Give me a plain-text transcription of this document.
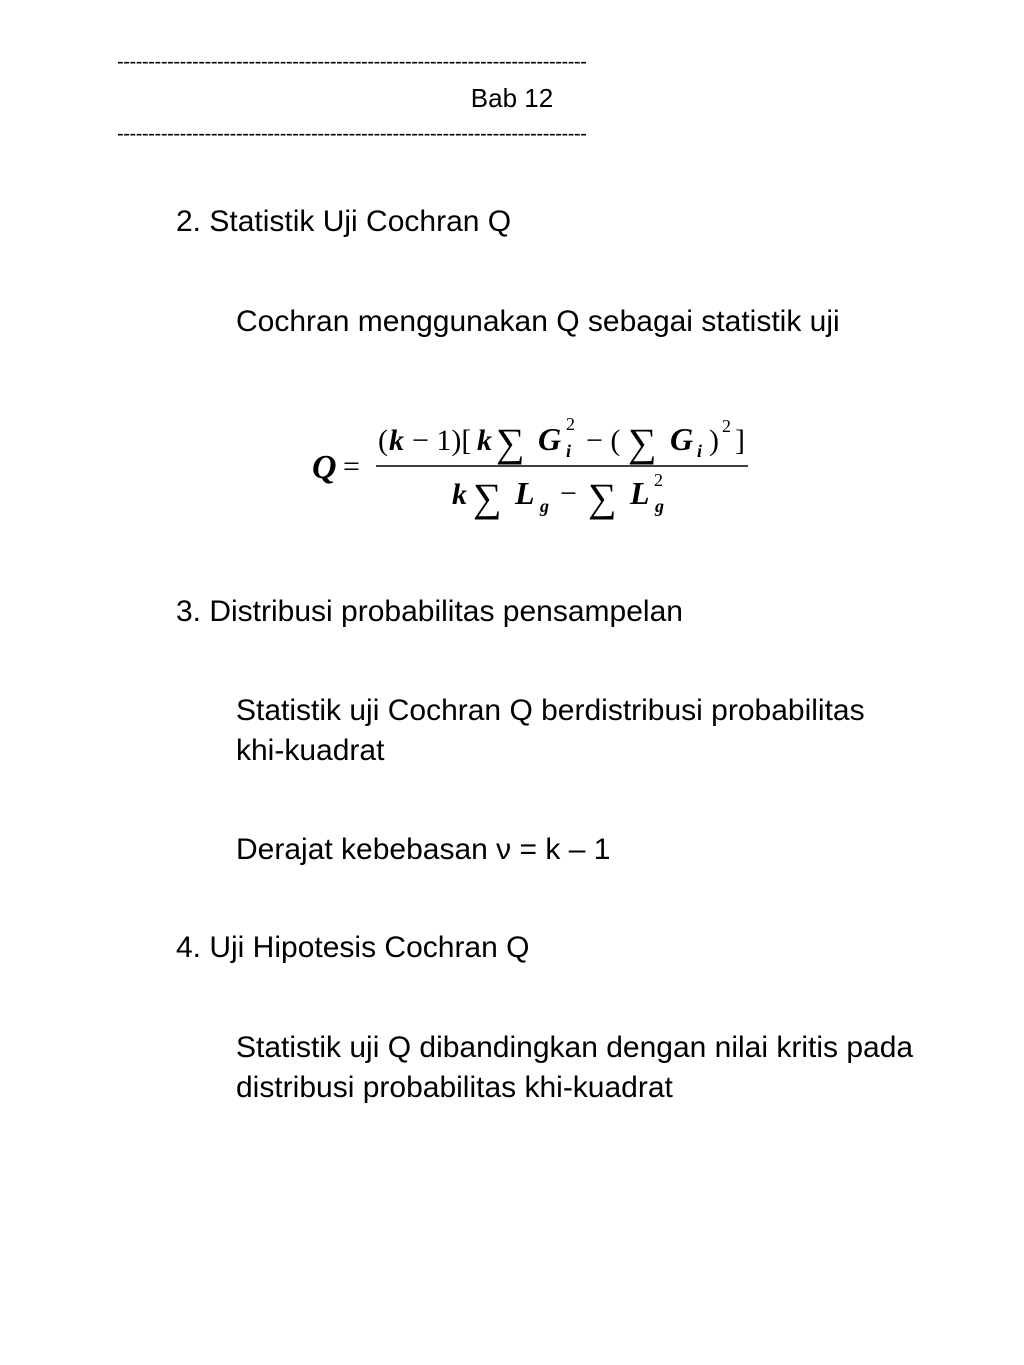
---------------------------------------------------------------------------
Bab 12
---------------------------------------------------------------------------
2. Statistik Uji Cochran Q
Cochran menggunakan Q sebagai statistik uji
Q =
( k − 1)[ k ∑ G 2
i − ( ∑ G i ) 2 ]
k ∑ L g − ∑ L 2
g
3. Distribusi probabilitas pensampelan
Statistik uji Cochran Q berdistribusi probabilitas khi-kuadrat
Derajat kebebasan ν = k – 1
4. Uji Hipotesis Cochran Q
Statistik uji Q dibandingkan dengan nilai kritis pada distribusi probabilitas khi-kuadrat
